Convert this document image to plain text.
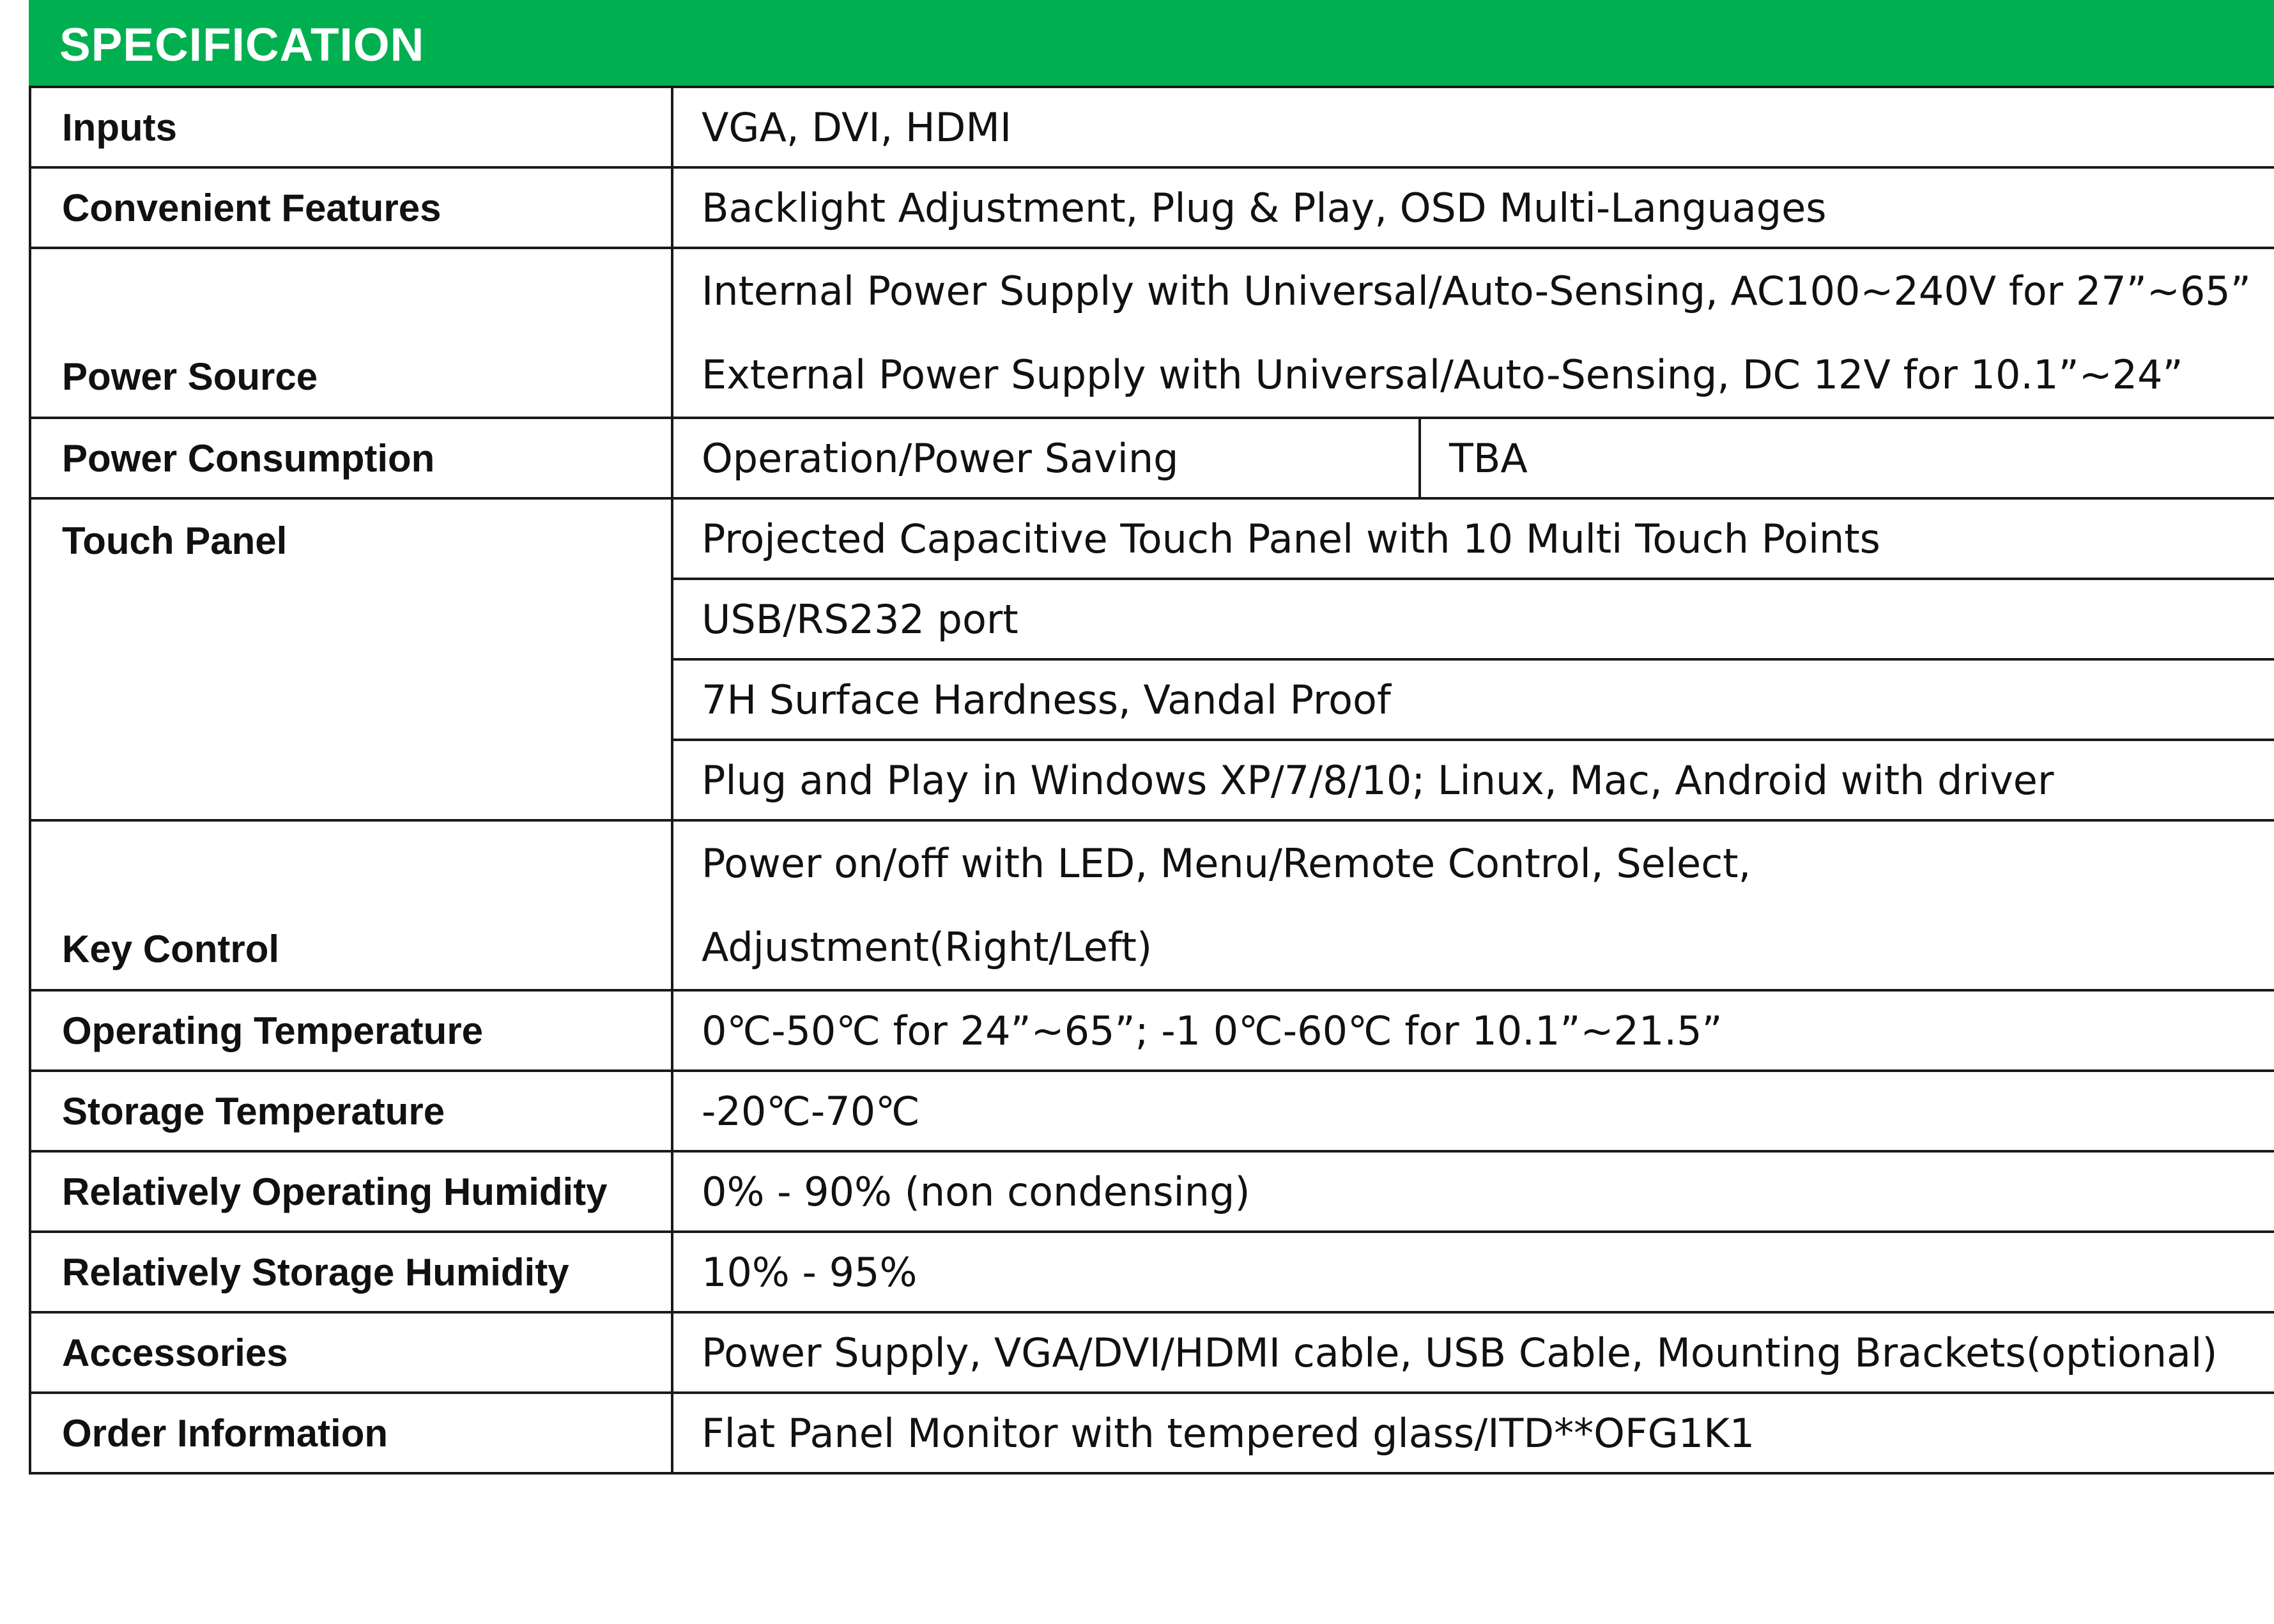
SPECIFICATION
Inputs	VGA, DVI, HDMI	
Convenient Features	Backlight Adjustment, Plug & Play, OSD Multi-Languages	
Power Source	Internal Power Supply with Universal/Auto-Sensing, AC100~240V for 27”~65”
External Power Supply with Universal/Auto-Sensing, DC 12V for 10.1”~24”	

Power Consumption	Operation/Power Saving	TBA
Touch Panel	Projected Capacitive Touch Panel with 10 Multi Touch Points	
	USB/RS232 port	
	7H Surface Hardness, Vandal Proof	
	Plug and Play in Windows XP/7/8/10; Linux, Mac, Android with driver	
Key Control	Power on/off with LED, Menu/Remote Control, Select,
Adjustment(Right/Left)	

Operating Temperature	0℃-50℃ for 24”~65”; -1 0℃-60℃ for 10.1”~21.5”	
Storage Temperature	-20℃-70℃	
Relatively Operating Humidity	0% - 90% (non condensing)	
Relatively Storage Humidity	10% - 95%	
Accessories	Power Supply, VGA/DVI/HDMI cable, USB Cable, Mounting Brackets(optional)	
Order Information	Flat Panel Monitor with tempered glass/ITD**OFG1K1	
